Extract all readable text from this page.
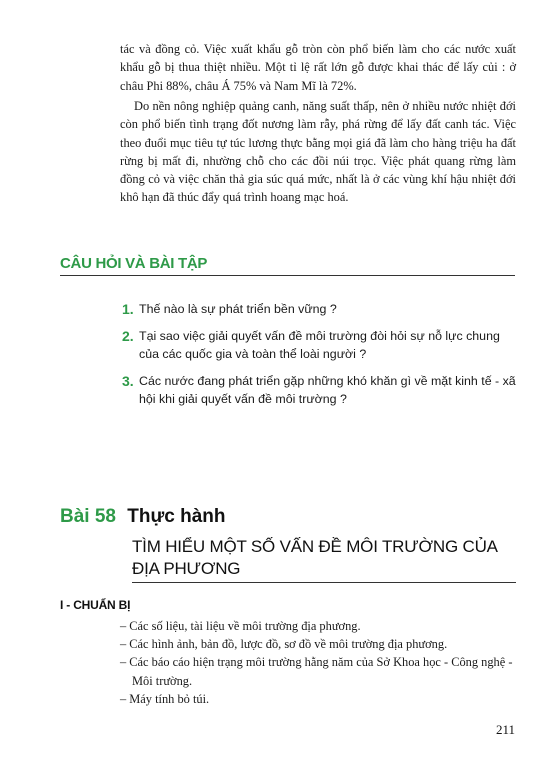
tác và đồng cỏ. Việc xuất khẩu gỗ tròn còn phổ biến làm cho các nước xuất khẩu gỗ bị thua thiệt nhiều. Một tỉ lệ rất lớn gỗ được khai thác để lấy củi : ở châu Phi 88%, châu Á 75% và Nam Mĩ là 72%.

Do nền nông nghiệp quảng canh, năng suất thấp, nên ở nhiều nước nhiệt đới còn phổ biến tình trạng đốt nương làm rẫy, phá rừng để lấy đất canh tác. Việc theo đuổi mục tiêu tự túc lương thực bằng mọi giá đã làm cho hàng triệu ha đất rừng bị mất đi, nhường chỗ cho các đồi núi trọc. Việc phát quang rừng làm đồng cỏ và việc chăn thả gia súc quá mức, nhất là ở các vùng khí hậu nhiệt đới khô hạn đã thúc đẩy quá trình hoang mạc hoá.

CÂU HỎI VÀ BÀI TẬP
1. Thế nào là sự phát triển bền vững ?
2. Tại sao việc giải quyết vấn đề môi trường đòi hỏi sự nỗ lực chung của các quốc gia và toàn thể loài người ?
3. Các nước đang phát triển gặp những khó khăn gì về mặt kinh tế - xã hội khi giải quyết vấn đề môi trường ?
Bài 58 Thực hành
TÌM HIỂU MỘT SỐ VẤN ĐỀ MÔI TRƯỜNG CỦA ĐỊA PHƯƠNG
I - CHUẨN BỊ
– Các số liệu, tài liệu về môi trường địa phương.
– Các hình ảnh, bản đồ, lược đồ, sơ đồ về môi trường địa phương.
– Các báo cáo hiện trạng môi trường hằng năm của Sở Khoa học - Công nghệ - Môi trường.
– Máy tính bỏ túi.
211
